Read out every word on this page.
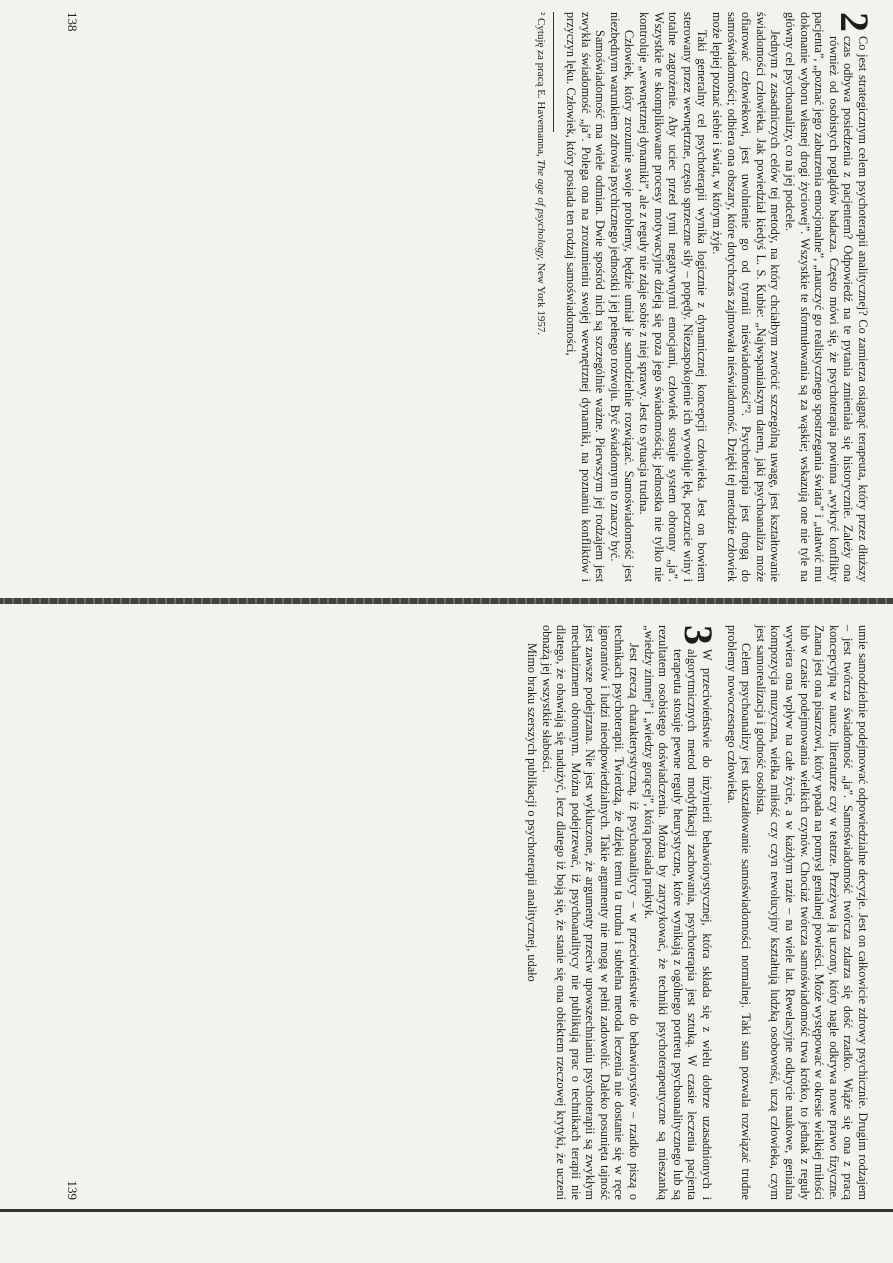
2
Co jest strategicznym celem psychoterapii analitycznej? Co zamierza osiągnąć terapeuta, który przez dłuższy czas odbywa posiedzenia z pacjentem? Odpowiedź na te pytania zmieniała się historycznie. Zależy ona również od osobistych poglądów badacza. Często mówi się, że psychoterapia powinna „wykryć konflikty pacjenta”, „poznać jego zaburzenia emocjonalne”, „nauczyć go realistycznego spostrzegania świata” i „ułatwić mu dokonanie wyboru własnej drogi życiowej”. Wszystkie te sformułowania są za wąskie; wskazują one nie tyle na główny cel psychoanalizy, co na jej podcele.

Jednym z zasadniczych celów tej metody, na który chciałbym zwrócić szczególną uwagę, jest kształtowanie świadomości człowieka. Jak powiedział kiedyś L. S. Kubie: „Najwspanialszym darem, jaki psychoanaliza może ofiarować człowiekowi, jest uwolnienie go od tyranii nieświadomości”². Psychoterapia jest drogą do samoświadomości; odbiera ona obszary, które dotychczas zajmowała nieświadomość. Dzięki tej metodzie człowiek może lepiej poznać siebie i świat, w którym żyje.

Taki generalny cel psychoterapii wynika logicznie z dynamicznej koncepcji człowieka. Jest on bowiem sterowany przez wewnętrzne, często sprzeczne siły – popędy. Niezaspokojenie ich wywołuje lęk, poczucie winy i totalne zagrożenie. Aby uciec przed tymi negatywnymi emocjami, człowiek stosuje system obronny „ja”. Wszystkie te skomplikowane procesy motywacyjne dzieją się poza jego świadomością; jednostka nie tylko nie kontroluje „wewnętrznej dynamiki”, ale z reguły nie zdaje sobie z niej sprawy. Jest to sytuacja trudna.

Człowiek, który zrozumie swoje problemy, będzie umiał je samodzielnie rozwiązać. Samoświadomość jest niezbędnym warunkiem zdrowia psychicznego jednostki i jej pełnego rozwoju. Być świadomym to znaczy być.

Samoświadomość ma wiele odmian. Dwie spośród nich są szczególnie ważne. Pierwszym jej rodzajem jest zwykła świadomość „ja”. Polega ona na zrozumieniu swojej wewnętrznej dynamiki, na poznaniu konfliktów i przyczyn lęku. Człowiek, który posiada ten rodzaj samoświadomości,

² Cytuję za pracą E. Havemanna, The age of psychology, New York 1957.

138

umie samodzielnie podejmować odpowiedzialne decyzje. Jest on całkowicie zdrowy psychicznie. Drugim rodzajem – jest twórcza świadomość „ja”. Samoświadomość twórcza zdarza się dość rzadko. Wiąże się ona z pracą koncepcyjną w nauce, literaturze czy w teatrze. Przeżywa ją uczony, który nagle odkrywa nowe prawo fizyczne. Znana jest ona pisarzowi, który wpada na pomysł genialnej powieści. Może występować w okresie wielkiej miłości lub w czasie podejmowania wielkich czynów. Chociaż twórcza samoświadomość trwa krótko, to jednak z reguły wywiera ona wpływ na całe życie, a w każdym razie – na wiele lat. Rewelacyjne odkrycie naukowe, genialna kompozycja muzyczna, wielka miłość czy czyn rewolucyjny kształtują ludzką osobowość, uczą człowieka, czym jest samorealizacja i godność osobista.

Celem psychoanalizy jest ukształtowanie samoświadomości normalnej. Taki stan pozwala rozwiązać trudne problemy nowoczesnego człowieka.

3
W przeciwieństwie do inżynierii behawiorystycznej, która składa się z wielu dobrze uzasadnionych i algorytmicznych metod modyfikacji zachowania, psychoterapia jest sztuką. W czasie leczenia pacjenta terapeuta stosuje pewne reguły heurystyczne, które wynikają z ogólnego portretu psychoanalitycznego lub są rezultatem osobistego doświadczenia. Można by zaryzykować, że techniki psychoterapeutyczne są mieszanką „wiedzy zimnej” i „wiedzy gorącej”, którą posiada praktyk.

Jest rzeczą charakterystyczną, iż psychoanalitycy – w przeciwieństwie do behawiorystów – rzadko piszą o technikach psychoterapii. Twierdzą, że dzięki temu ta trudna i subtelna metoda leczenia nie dostanie się w ręce ignorantów i ludzi nieodpowiedzialnych. Takie argumenty nie mogą w pełni zadowolić. Daleko posunięta tajność jest zawsze podejrzana. Nie jest wykluczone, że argumenty przeciw upowszechnianiu psychoterapii są zwykłym mechanizmem obronnym. Można podejrzewać, iż psychoanalitycy nie publikują prac o technikach terapii nie dlatego, że obawiają się nadużyć, lecz dlatego iż boją się, że stanie się ona obiektem rzeczowej krytyki, że uczeni obnażą jej wszystkie słabości.

Mimo braku szerszych publikacji o psychoterapii analitycznej, udało

139
